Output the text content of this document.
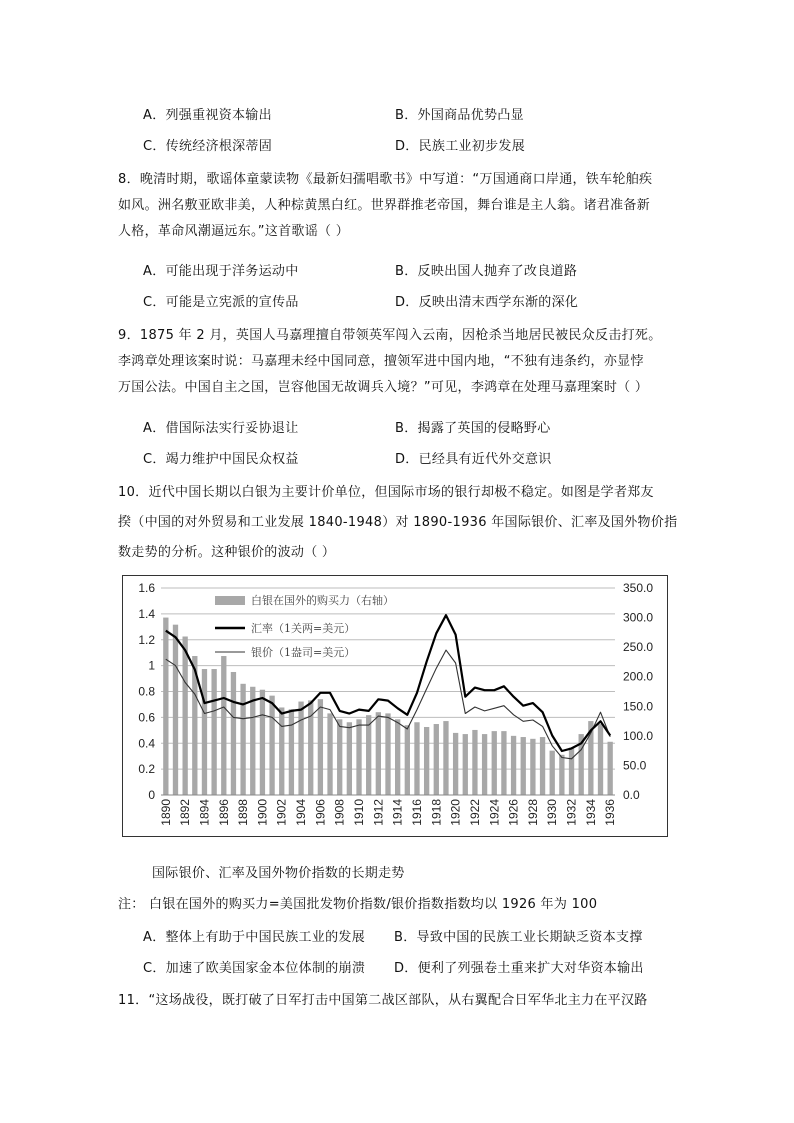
A．列强重视资本输出	B．外国商品优势凸显
C．传统经济根深蒂固	D．民族工业初步发展
8．晚清时期，歌谣体童蒙读物《最新妇孺唱歌书》中写道：“万国通商口岸通，铁车轮舶疾
如风。洲名敷亚欧非美，人种棕黄黑白红。世界群推老帝国，舞台谁是主人翁。诸君准备新
人格，革命风潮逼远东。”这首歌谣（ ）
A．可能出现于洋务运动中	B．反映出国人抛弃了改良道路
C．可能是立宪派的宣传品	D．反映出清末西学东渐的深化
9．1875 年 2 月，英国人马嘉理擅自带领英军闯入云南，因枪杀当地居民被民众反击打死。
李鸿章处理该案时说：马嘉理未经中国同意，擅领军进中国内地，“不独有违条约，亦显悖
万国公法。中国自主之国，岂容他国无故调兵入境？”可见，李鸿章在处理马嘉理案时（ ）
A．借国际法实行妥协退让	B．揭露了英国的侵略野心
C．竭力维护中国民众权益	D．已经具有近代外交意识
10．近代中国长期以白银为主要计价单位，但国际市场的银行却极不稳定。如图是学者郑友
揆（中国的对外贸易和工业发展 1840-1948）对 1890-1936 年国际银价、汇率及国外物价指
数走势的分析。这种银价的波动（ ）
0
0.2
0.4
0.6
0.8
1
1.2
1.4
1.6
0.0
50.0
100.0
150.0
200.0
250.0
300.0
350.0
1890 1892 1894 1896 1898 1900 1902 1904 1906 1908 1910 1912 1914 1916 1918 1920 1922 1924 1926 1928 1930 1932 1934 1936
白银在国外的购买力（右轴）
汇率（1关两=美元）
银价（1盎司=美元）
国际银价、汇率及国外物价指数的长期走势
注： 白银在国外的购买力=美国批发物价指数/银价指数指数均以 1926 年为 100
A．整体上有助于中国民族工业的发展 B．导致中国的民族工业长期缺乏资本支撑
C．加速了欧美国家金本位体制的崩溃 D．便利了列强卷土重来扩大对华资本输出
11．“这场战役，既打破了日军打击中国第二战区部队，从右翼配合日军华北主力在平汉路
